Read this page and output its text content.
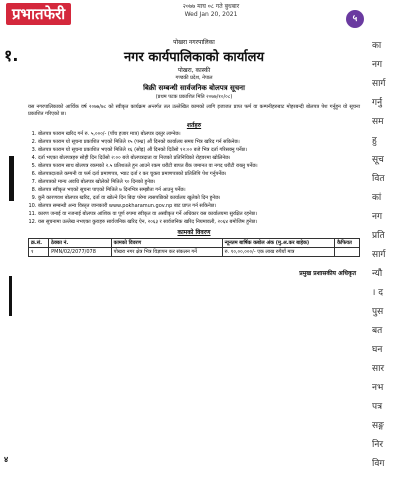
प्रभातफेरी	२०७७ माघ ०८ गते बुधबार
Wed Jan 20, 2021	५
१.
४
का
नग
सार्ग
गर्नु
सम
हु
सूच
वित
कां
नग
प्रति
सार्ग
न्यौ
। द
पुस
बत
घन
सार
नभ
पत्र
सङ्ग
निर
विग
पोखरा नगरपालिका
नगर कार्यपालिकाको कार्यालय
पोखरा, कास्की
गण्डकी प्रदेश, नेपाल
बिक्री सम्बन्धी सार्वजनिक बोलपत्र सूचना
(प्रथम पटक प्रकाशित मिति २०७७/१०/०८)
यस नगरपालिकाको आर्थिक वर्ष २०७७/७८ को स्वीकृत कार्यक्रम अन्तर्गत तल उल्लेखित कामको लागि इजाजत प्राप्त फर्म वा कम्पनीहरुबाट मोहरबन्दी बोलपत्र पेश गर्नुहुन यो सूचना प्रकाशित गरिएको छ।
शर्तहरु
1. बोलपत्र फाराम खरिद गर्न रु. ५,०००/- (पाँच हजार मात्र) बोलपत्र दस्तुर लाग्नेछ।
2. बोलपत्र फाराम यो सूचना प्रकाशित भएको मितिले १५ (पन्ध्र) औं दिनको कार्यालय समय भित्र खरिद गर्न सकिनेछ।
3. बोलपत्र फाराम यो सूचना प्रकाशित भएको मितिले १६ (सोह्र) औं दिनको दिउँसो १२:०० बजे भित्र दर्ता गरिसक्नु पर्नेछ।
4. दर्ता भएका बोलपत्रहरु सोही दिन दिउँसो २:०० बजे बोलपत्रदाता वा निजको प्रतिनिधिको रोहवरमा खोलिनेछ।
5. बोलपत्र फाराम साथ बोलपत्र रकमको २.५ प्रतिशतले हुन आउने रकम धरौटी बापत बैंक जमानत वा नगद धरौटी राख्नु पर्नेछ।
6. बोलपत्रदाताले कम्पनी वा फर्म दर्ता प्रमाणपत्र, भ्याट दर्ता र कर चुक्ता प्रमाणपत्रको प्रतिलिपि पेश गर्नुपर्नेछ।
7. बोलपत्रको मान्य अवधि बोलपत्र खोलेको मितिले ९० दिनको हुनेछ।
8. बोलपत्र स्वीकृत भएको सूचना पाएको मितिले ७ दिनभित्र सम्झौता गर्न आउनु पर्नेछ।
9. कुनै कारणवश बोलपत्र खरिद, दर्ता वा खोल्ने दिन बिदा परेमा त्यसपछिको कार्यालय खुलेको दिन हुनेछ।
10. बोलपत्र सम्बन्धी अन्य विस्तृत जानकारी www.pokharamun.gov.np बाट प्राप्त गर्न सकिनेछ।
11. कारण जनाई वा नजनाई बोलपत्र आंशिक वा पूर्ण रुपमा स्वीकृत वा अस्वीकृत गर्ने अधिकार यस कार्यालयमा सुरक्षित रहनेछ।
12. यस सूचनामा उल्लेख नभएका कुराहरु सार्वजनिक खरिद ऐन, २०६३ र सार्वजनिक खरिद नियमावली, २०६४ बमोजिम हुनेछ।
कामको विवरण
क्र.सं.	ठेक्का नं.	कामको विवरण	न्यूनतम बार्षिक कबोल अंक (मु.अ.कर बाहेक)	कैफियत
१	PMN/02/2077/078	पोखरा नगर क्षेत्र भित्र विज्ञापन कर संकलन गर्ने	रु. १०,००,०००/- एक लाख रुपैयाँ मात्र	
प्रमुख प्रशासकीय अधिकृत
